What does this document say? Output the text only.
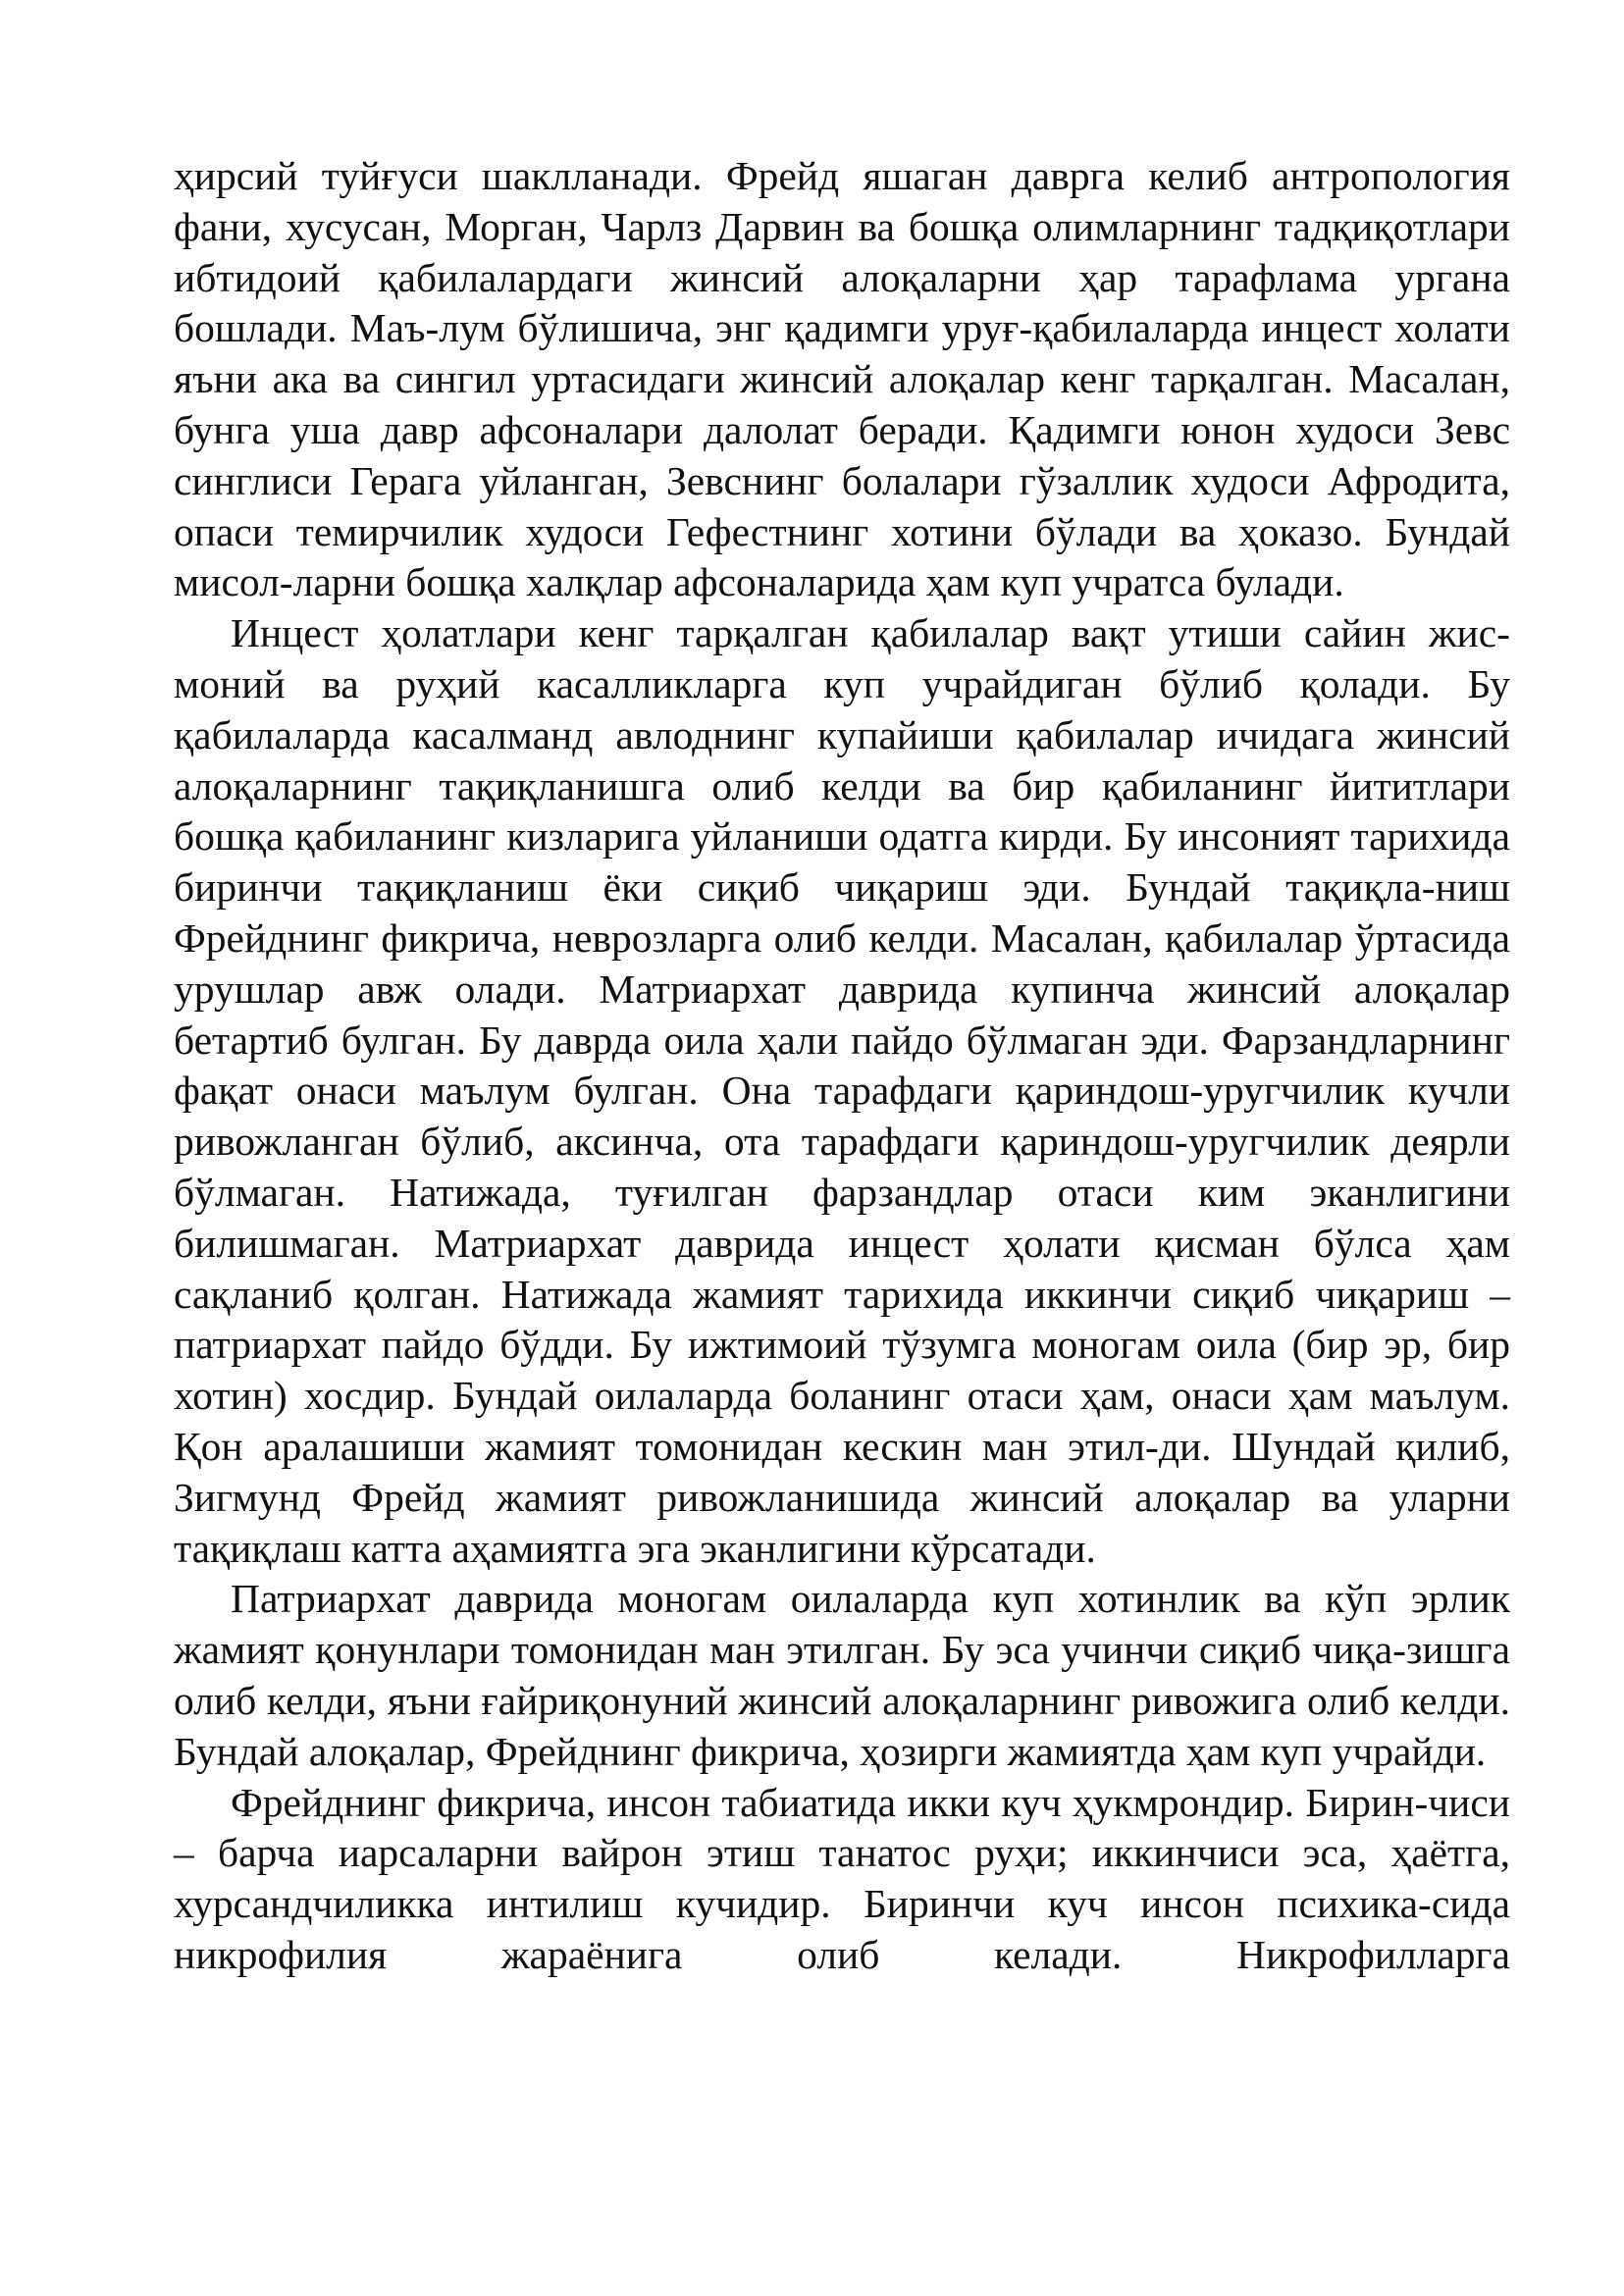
ҳирсий туйғуси шаклланади. Фрейд яшаган даврга келиб антропология фани, хусусан, Морган, Чарлз Дарвин ва бошқа олимларнинг тадқиқотлари ибтидоий қабилалардаги жинсий алоқаларни ҳар тарафлама ургана бошлади. Маъ-лум бўлишича, энг қадимги уруғ-қабилаларда инцест холати яъни ака ва сингил уртасидаги жинсий алоқалар кенг тарқалган. Масалан, бунга уша давр афсоналари далолат беради. Қадимги юнон худоси Зевс синглиси Герага уйланган, Зевснинг болалари гўзаллик худоси Афродита, опаси темирчилик худоси Гефестнинг хотини бўлади ва ҳоказо. Бундай мисол-ларни бошқа халқлар афсоналарида ҳам куп учратса булади.

Инцест ҳолатлари кенг тарқалган қабилалар вақт утиши сайин жис-моний ва руҳий касалликларга куп учрайдиган бўлиб қолади. Бу қабилаларда касалманд авлоднинг купайиши қабилалар ичидага жинсий алоқаларнинг тақиқланишга олиб келди ва бир қабиланинг йититлари бошқа қабиланинг кизларига уйланиши одатга кирди. Бу инсоният тарихида биринчи тақиқланиш ёки сиқиб чиқариш эди. Бундай тақиқла-ниш Фрейднинг фикрича, неврозларга олиб келди. Масалан, қабилалар ўртасида урушлар авж олади. Матриархат даврида купинча жинсий алоқалар бетартиб булган. Бу даврда оила ҳали пайдо бўлмаган эди. Фарзандларнинг фақат онаси маълум булган. Она тарафдаги қариндош-уругчилик кучли ривожланган бўлиб, аксинча, ота тарафдаги қариндош-уругчилик деярли бўлмаган. Натижада, туғилган фарзандлар отаси ким эканлигини билишмаган. Матриархат даврида инцест ҳолати қисман бўлса ҳам сақланиб қолган. Натижада жамият тарихида иккинчи сиқиб чиқариш – патриархат пайдо бўдди. Бу ижтимоий тўзумга моногам оила (бир эр, бир хотин) хосдир. Бундай оилаларда боланинг отаси ҳам, онаси ҳам маълум. Қон аралашиши жамият томонидан кескин ман этил-ди. Шундай қилиб, Зигмунд Фрейд жамият ривожланишида жинсий алоқалар ва уларни тақиқлаш катта аҳамиятга эга эканлигини кўрсатади.

Патриархат даврида моногам оилаларда куп хотинлик ва кўп эрлик жамият қонунлари томонидан ман этилган. Бу эса учинчи сиқиб чиқа-зишга олиб келди, яъни ғайриқонуний жинсий алоқаларнинг ривожига олиб келди. Бундай алоқалар, Фрейднинг фикрича, ҳозирги жамиятда ҳам куп учрайди.

Фрейднинг фикрича, инсон табиатида икки куч ҳукмрондир. Бирин-чиси – барча иарсаларни вайрон этиш танатос руҳи; иккинчиси эса, ҳаётга, хурсандчиликка интилиш кучидир. Биринчи куч инсон психика-сида никрофилия жараёнига олиб келади. Никрофилларга
